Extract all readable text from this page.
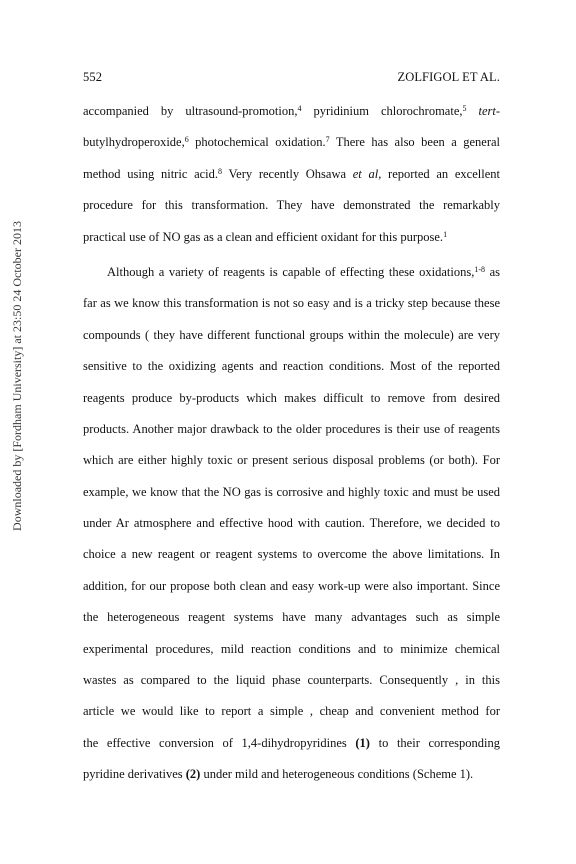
Downloaded by [Fordham University] at 23:50 24 October 2013
552	ZOLFIGOL ET AL.
accompanied by ultrasound-promotion,$^4$ pyridinium chlorochromate,$^5$ tert-
butylhydroperoxide,$^6$ photochemical oxidation.$^7$ There has also been a general
method using nitric acid.$^8$ Very recently Ohsawa et al, reported an excellent
procedure for this transformation. They have demonstrated the remarkably
practical use of NO gas as a clean and efficient oxidant for this purpose.$^1$
Although a variety of reagents is capable of effecting these oxidations,$^{1-8}$ as
far as we know this transformation is not so easy and is a tricky step because these
compounds ( they have different functional groups within the molecule) are very
sensitive to the oxidizing agents and reaction conditions. Most of the reported
reagents produce by-products which makes difficult to remove from desired
products. Another major drawback to the older procedures is their use of reagents
which are either highly toxic or present serious disposal problems (or both). For
example, we know that the NO gas is corrosive and highly toxic and must be used
under Ar atmosphere and effective hood with caution. Therefore, we decided to
choice a new reagent or reagent systems to overcome the above limitations. In
addition, for our propose both clean and easy work-up were also important. Since
the heterogeneous reagent systems have many advantages such as simple
experimental procedures, mild reaction conditions and to minimize chemical
wastes as compared to the liquid phase counterparts. Consequently , in this
article we would like to report a simple , cheap and convenient method for
the effective conversion of 1,4-dihydropyridines (1) to their corresponding
pyridine derivatives (2) under mild and heterogeneous conditions (Scheme 1).
